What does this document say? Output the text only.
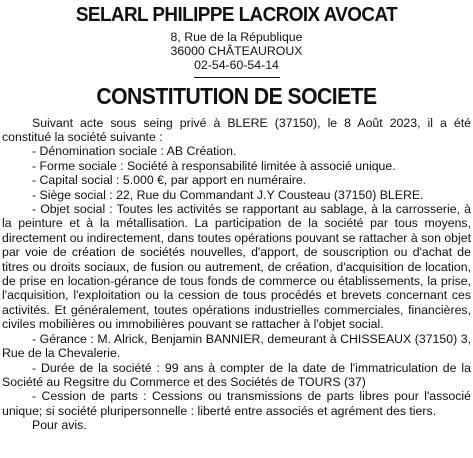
SELARL PHILIPPE LACROIX AVOCAT
8, Rue de la République
36000 CHÂTEAUROUX
02-54-60-54-14
CONSTITUTION DE SOCIETE

Suivant acte sous seing privé à BLERE (37150), le 8 Août 2023, il a été constitué la société suivante :

- Dénomination sociale : AB Création.

- Forme sociale : Société à responsabilité limitée à associé unique.

- Capital social : 5.000 €, par apport en numéraire.

- Siège social : 22, Rue du Commandant J.Y Cousteau (37150) BLERE.

- Objet social : Toutes les activités se rapportant au sablage, à la carrosserie, à la peinture et à la métallisation. La participation de la société par tous moyens, directement ou indirectement, dans toutes opérations pouvant se rattacher à son objet par voie de création de sociétés nouvelles, d'apport, de souscription ou d'achat de titres ou droits sociaux, de fusion ou autrement, de création, d'acquisition de location, de prise en location-gérance de tous fonds de commerce ou établissements, la prise, l'acquisition, l'exploitation ou la cession de tous procédés et brevets concernant ces activités. Et généralement, toutes opérations industrielles commerciales, financières, civiles mobilières ou immobilières pouvant se rattacher à l'objet social.

- Gérance : M. Alrick, Benjamin BANNIER, demeurant à CHISSEAUX (37150) 3, Rue de la Chevalerie.

- Durée de la société : 99 ans à compter de la date de l'immatriculation de la Société au Regsitre du Commerce et des Sociétés de TOURS (37)

- Cession de parts : Cessions ou transmissions de parts libres pour l'associé unique; si société pluripersonnelle : liberté entre associés et agrément des tiers.

Pour avis.
